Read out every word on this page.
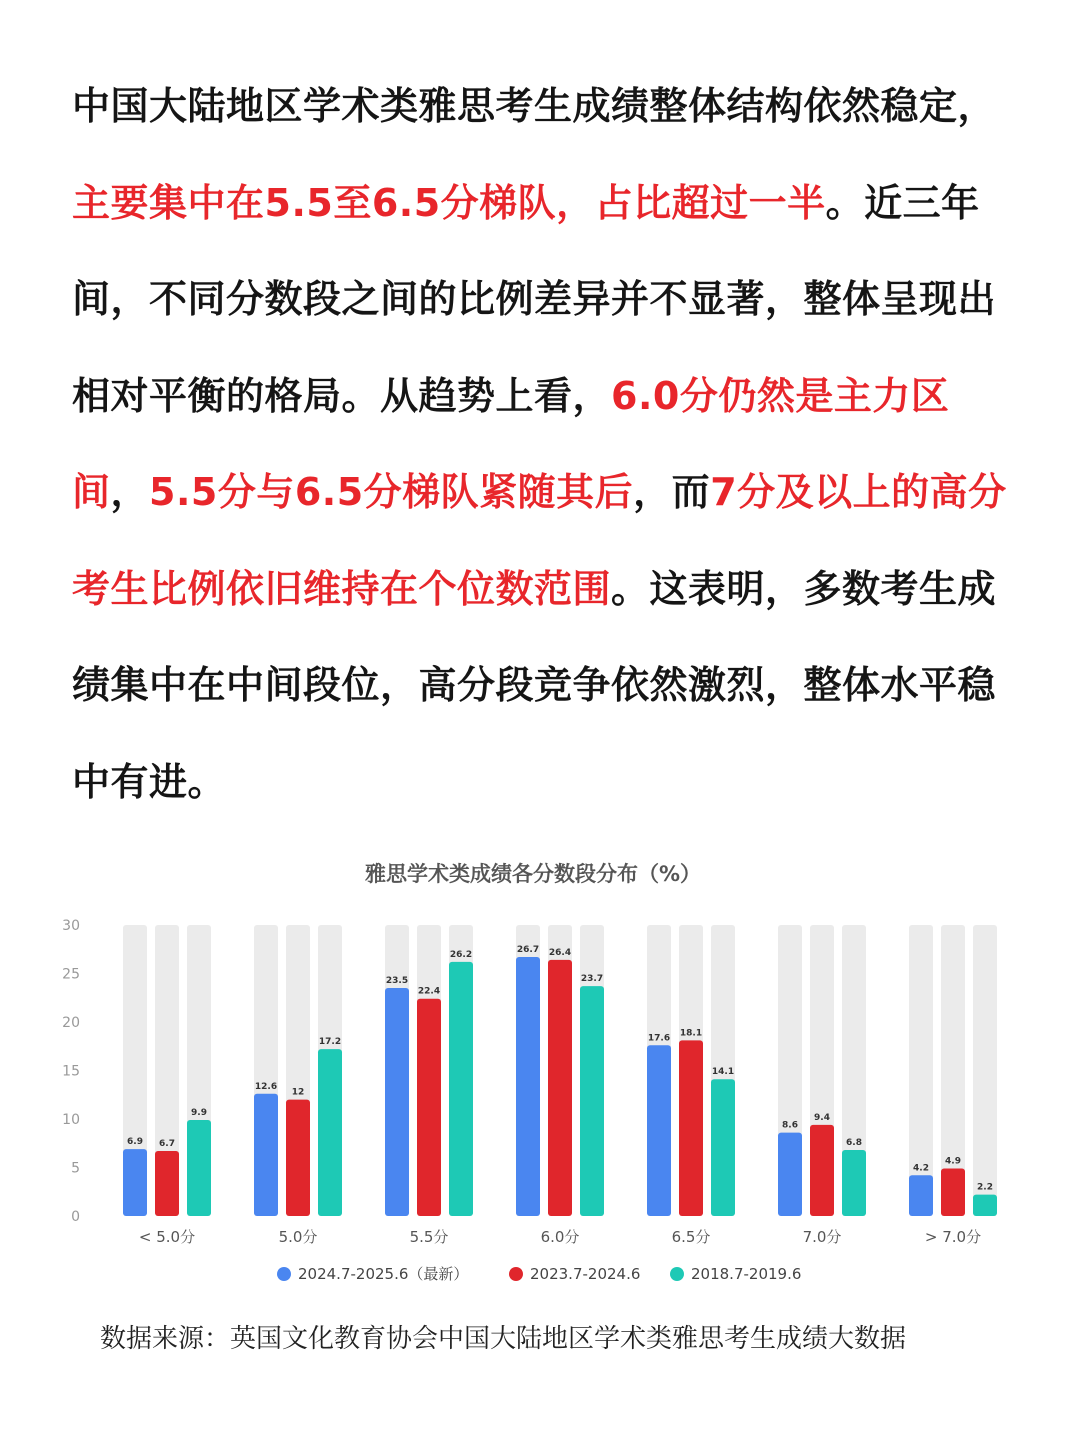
中国大陆地区学术类雅思考生成绩整体结构依然稳定，主要集中在5.5至6.5分梯队，占比超过一半。近三年间，不同分数段之间的比例差异并不显著，整体呈现出相对平衡的格局。从趋势上看，6.0分仍然是主力区间，5.5分与6.5分梯队紧随其后，而7分及以上的高分考生比例依旧维持在个位数范围。这表明，多数考生成绩集中在中间段位，高分段竞争依然激烈，整体水平稳中有进。

雅思学术类成绩各分数段分布（%）
0
5
10
15
20
25
30
6.9 6.7
9.9
< 5.0分
12.6
12
17.2
5.0分
23.5
22.4
26.2
5.5分
26.7 26.4
23.7
6.0分
17.6 18.1
14.1
6.5分
8.6
9.4
6.8
7.0分
4.2
4.9
2.2
> 7.0分
2024.7-2025.6（最新）	2023.7-2024.6	2018.7-2019.6

数据来源：英国文化教育协会中国大陆地区学术类雅思考生成绩大数据
